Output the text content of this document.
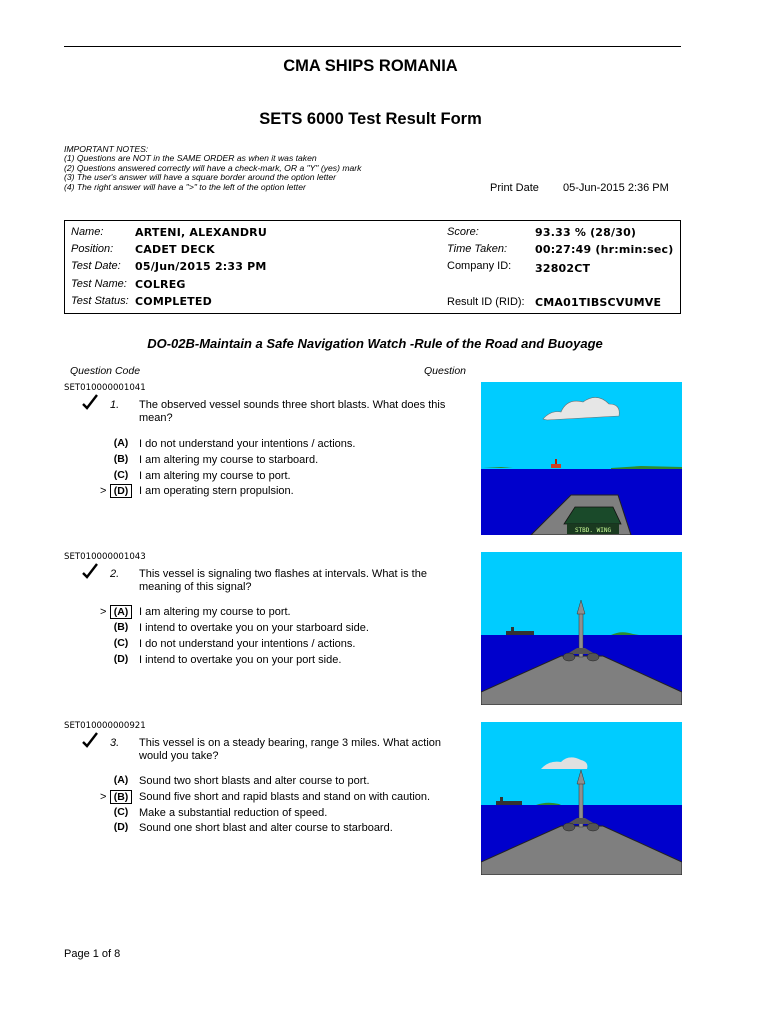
CMA SHIPS ROMANIA
SETS 6000 Test Result Form
IMPORTANT NOTES:
(1) Questions are NOT in the SAME ORDER as when it was taken
(2) Questions answered correctly will have a check-mark, OR a "Y" (yes) mark
(3) The user's answer will have a square border around the option letter
(4) The right answer will have a ">" to the left of the option letter	Print Date 05-Jun-2015 2:36 PM
Name:	ARTENI, ALEXANDRU
Position: CADET DECK
Test Date: 05/Jun/2015 2:33 PM
Test Name: COLREG
Test Status: COMPLETED
Score:	93.33 % (28/30)
Time Taken:	00:27:49 (hr:min:sec)
Company ID: 32802CT
Result ID (RID): CMA01TIBSCVUMVE
DO-02B-Maintain a Safe Navigation Watch -Rule of the Road and Buoyage
Question Code	Question
SET010000001041
1. The observed vessel sounds three short blasts. What does this mean?
(A) I do not understand your intentions / actions.
(B) I am altering my course to starboard.
(C) I am altering my course to port.
> (D) I am operating stern propulsion.
STBD. WING
SET010000001043
2. This vessel is signaling two flashes at intervals. What is the meaning of this signal?
> (A) I am altering my course to port.
(B) I intend to overtake you on your starboard side.
(C) I do not understand your intentions / actions.
(D) I intend to overtake you on your port side.
SET010000000921
3. This vessel is on a steady bearing, range 3 miles. What action would you take?
(A) Sound two short blasts and alter course to port.
> (B) Sound five short and rapid blasts and stand on with caution.
(C) Make a substantial reduction of speed.
(D) Sound one short blast and alter course to starboard.
Page 1 of 8
